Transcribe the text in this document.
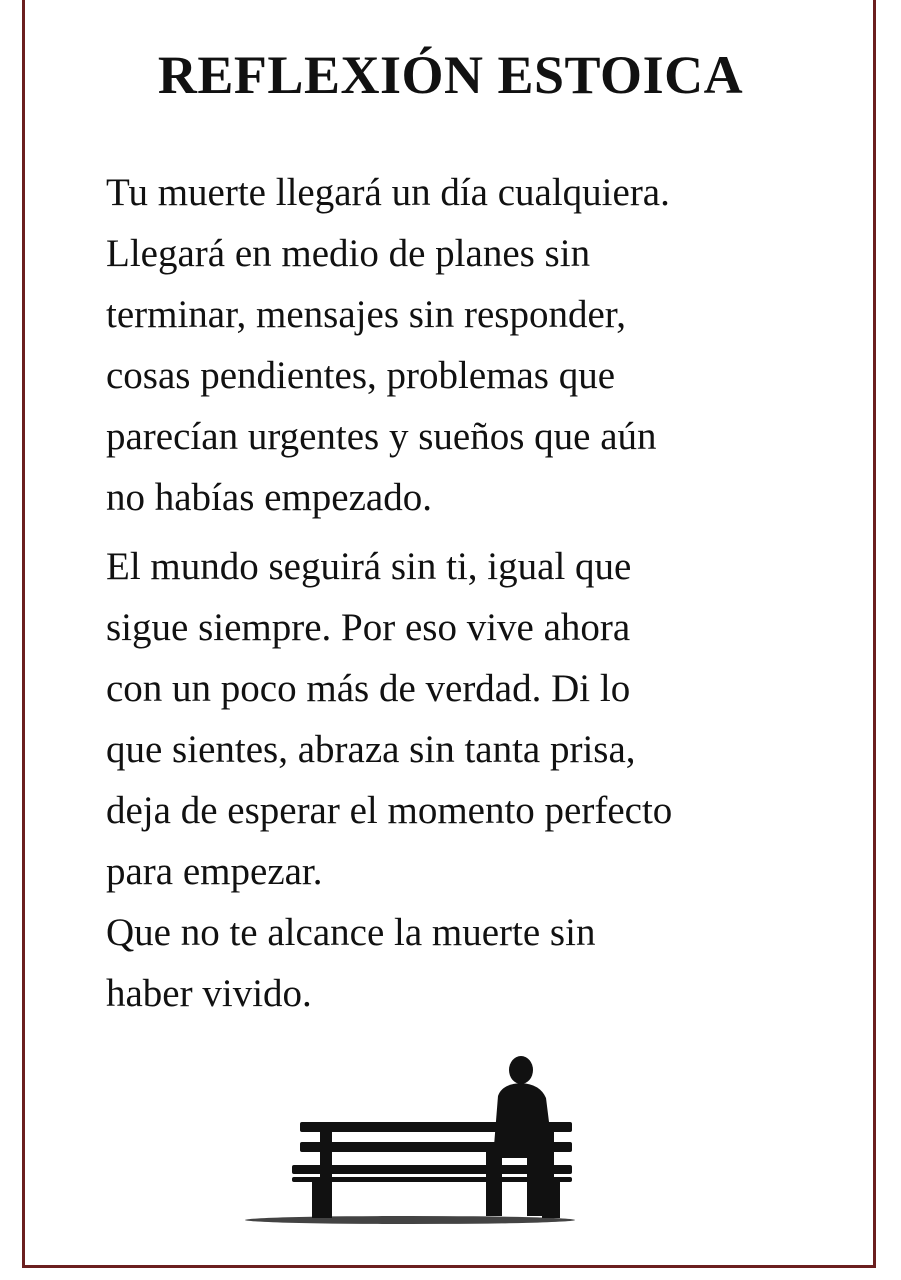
REFLEXIÓN ESTOICA
Tu muerte llegará un día cualquiera.
Llegará en medio de planes sin
terminar, mensajes sin responder,
cosas pendientes, problemas que
parecían urgentes y sueños que aún
no habías empezado.
El mundo seguirá sin ti, igual que
sigue siempre. Por eso vive ahora
con un poco más de verdad. Di lo
que sientes, abraza sin tanta prisa,
deja de esperar el momento perfecto
para empezar.
Que no te alcance la muerte sin
haber vivido.
